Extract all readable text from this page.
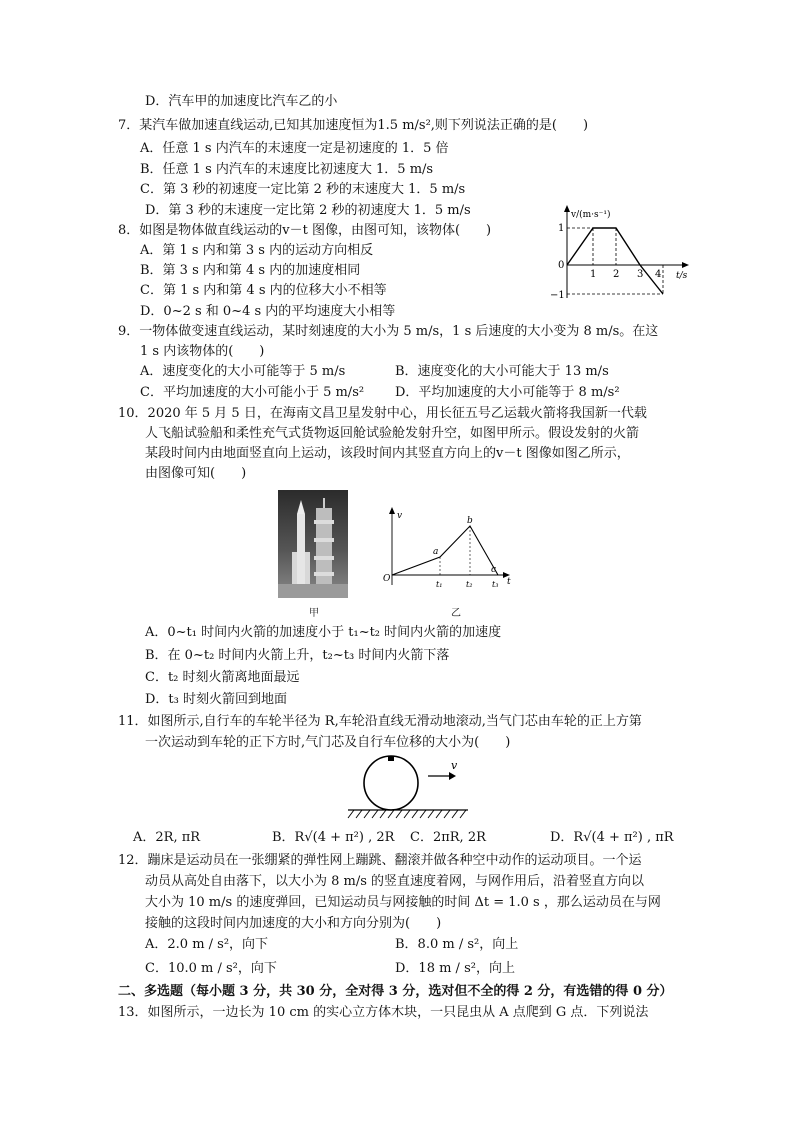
D．汽车甲的加速度比汽车乙的小
7．某汽车做加速直线运动,已知其加速度恒为1.5 m/s²,则下列说法正确的是(　　)
A．任意 1 s 内汽车的末速度一定是初速度的 1．5 倍
B．任意 1 s 内汽车的末速度比初速度大 1．5 m/s
C．第 3 秒的初速度一定比第 2 秒的末速度大 1．5 m/s
D．第 3 秒的末速度一定比第 2 秒的初速度大 1．5 m/s
8．如图是物体做直线运动的v－t 图像，由图可知，该物体(　　)
A．第 1 s 内和第 3 s 内的运动方向相反
B．第 3 s 内和第 4 s 内的加速度相同
C．第 1 s 内和第 4 s 内的位移大小不相等
D．0~2 s 和 0~4 s 内的平均速度大小相等
v/(m·s⁻¹)
t/s
1
0
−1
1 2 3 4
9．一物体做变速直线运动，某时刻速度的大小为 5 m/s，1 s 后速度的大小变为 8 m/s。在这
1 s 内该物体的(　　)
A．速度变化的大小可能等于 5 m/s	B．速度变化的大小可能大于 13 m/s
C．平均加速度的大小可能小于 5 m/s² D．平均加速度的大小可能等于 8 m/s²
10．2020 年 5 月 5 日，在海南文昌卫星发射中心，用长征五号乙运载火箭将我国新一代载
人飞船试验船和柔性充气式货物返回舱试验舱发射升空，如图甲所示。假设发射的火箭
某段时间内由地面竖直向上运动，该段时间内其竖直方向上的v－t 图像如图乙所示，
由图像可知(　　)
甲
v
t
O
a
b
c
t₁	t₂ t₃
乙
A．0~t₁ 时间内火箭的加速度小于 t₁~t₂ 时间内火箭的加速度
B．在 0~t₂ 时间内火箭上升，t₂~t₃ 时间内火箭下落
C．t₂ 时刻火箭离地面最远
D．t₃ 时刻火箭回到地面
11．如图所示,自行车的车轮半径为 R,车轮沿直线无滑动地滚动,当气门芯由车轮的正上方第
一次运动到车轮的正下方时,气门芯及自行车位移的大小为(　　)
v
A．2R, πR	B．R√(4 + π²) , 2R C．2πR, 2R	D．R√(4 + π²) , πR
12．蹦床是运动员在一张绷紧的弹性网上蹦跳、翻滚并做各种空中动作的运动项目。一个运
动员从高处自由落下，以大小为 8 m/s 的竖直速度着网，与网作用后，沿着竖直方向以
大小为 10 m/s 的速度弹回，已知运动员与网接触的时间 Δt = 1.0 s ，那么运动员在与网
接触的这段时间内加速度的大小和方向分别为(　　)
A．2.0 m / s²，向下	B．8.0 m / s²，向上
C．10.0 m / s²，向下	D．18 m / s²，向上
二、多选题（每小题 3 分，共 30 分，全对得 3 分，选对但不全的得 2 分，有选错的得 0 分）
13．如图所示，一边长为 10 cm 的实心立方体木块，一只昆虫从 A 点爬到 G 点．下列说法
